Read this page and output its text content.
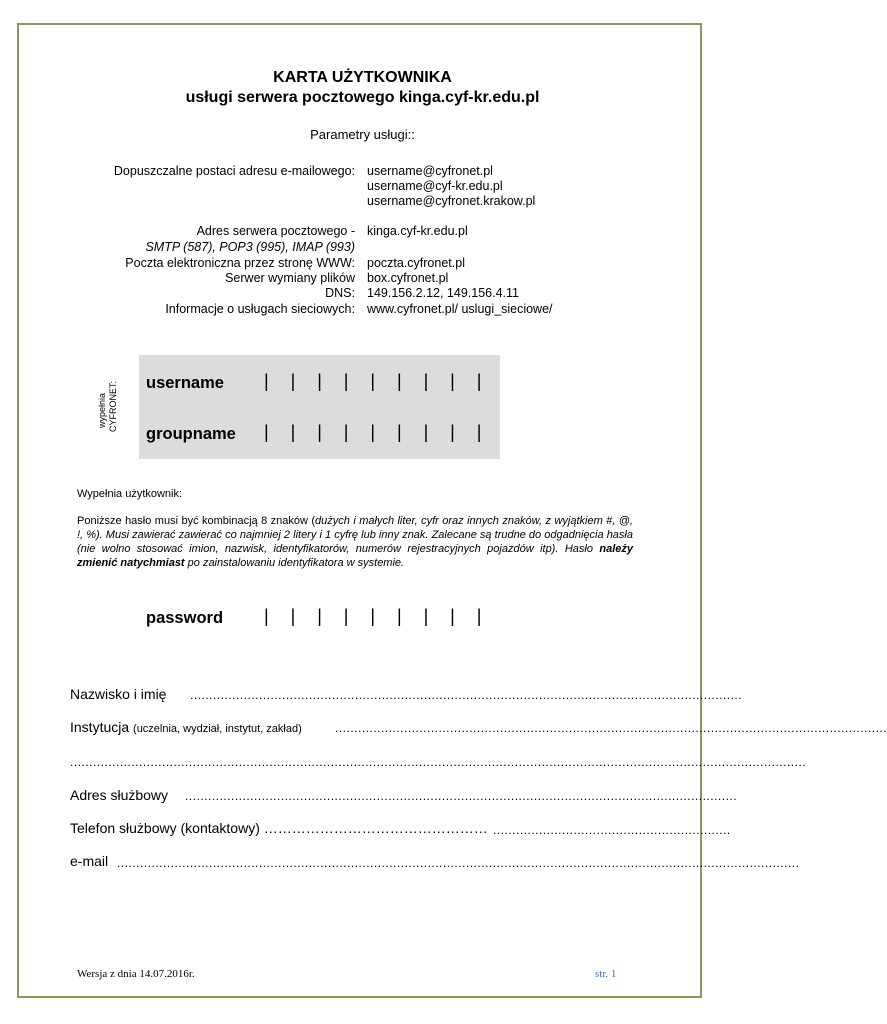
KARTA UŻYTKOWNIKA
usługi serwera pocztowego kinga.cyf-kr.edu.pl
Parametry usługi::
Dopuszczalne postaci adresu e-mailowego: username@cyfronet.pl
username@cyf-kr.edu.pl
username@cyfronet.krakow.pl
Adres serwera pocztowego - kinga.cyf-kr.edu.pl
SMTP (587), POP3 (995), IMAP (993)
Poczta elektroniczna przez stronę WWW: poczta.cyfronet.pl
Serwer wymiany plików box.cyfronet.pl
DNS: 149.156.2.12, 149.156.4.11
Informacje o usługach sieciowych: www.cyfronet.pl/ uslugi_sieciowe/
wypełnia CYFRONET: username | | | | | | | | |
groupname | | | | | | | | |
Wypełnia użytkownik:
Poniższe hasło musi być kombinacją 8 znaków (dużych i małych liter, cyfr oraz innych znaków, z wyjątkiem #, @, !, %). Musi zawierać zawierać co najmniej 2 litery i 1 cyfrę lub inny znak. Zalecane są trudne do odgadnięcia hasła (nie wolno stosować imion, nazwisk, identyfikatorów, numerów rejestracyjnych pojazdów itp). Hasło należy zmienić natychmiast po zainstalowaniu identyfikatora w systemie.
password | | | | | | | | |
Nazwisko i imię ................................................................................................................................................
Instytucja (uczelnia, wydział, instytut, zakład)	................................................................................................................................................
................................................................................................................................................................................................
Adres służbowy ................................................................................................................................................
Telefon służbowy (kontaktowy) ………………………………………… ..............................................................
e-mail ..................................................................................................................................................................................
Wersja z dnia 14.07.2016r.	str. 1
